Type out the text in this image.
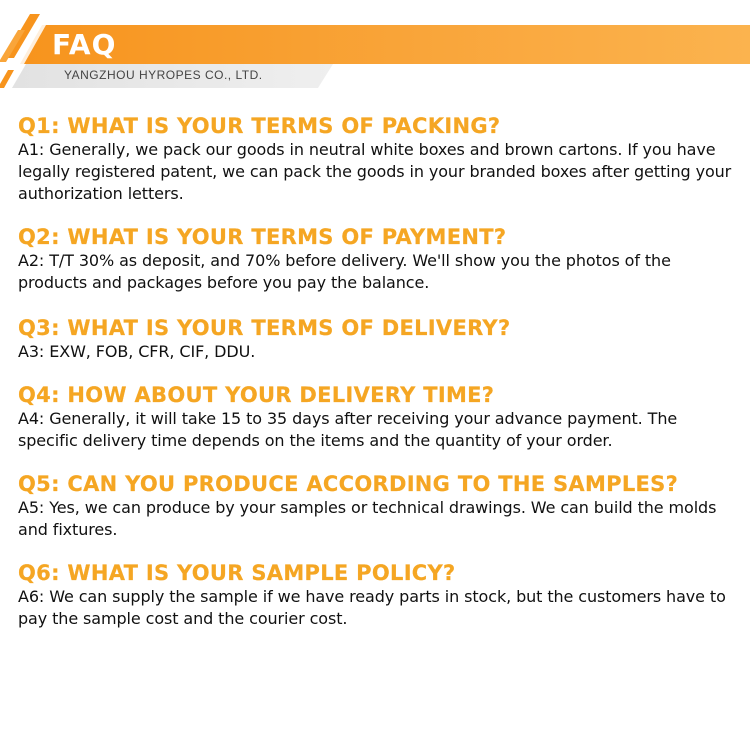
FAQ
YANGZHOU HYROPES CO., LTD.
Q1: WHAT IS YOUR TERMS OF PACKING?
A1: Generally, we pack our goods in neutral white boxes and brown cartons. If you have legally registered patent, we can pack the goods in your branded boxes after getting your authorization letters.
Q2: WHAT IS YOUR TERMS OF PAYMENT?
A2: T/T 30% as deposit, and 70% before delivery. We'll show you the photos of the products and packages before you pay the balance.
Q3: WHAT IS YOUR TERMS OF DELIVERY?
A3: EXW, FOB, CFR, CIF, DDU.
Q4: HOW ABOUT YOUR DELIVERY TIME?
A4: Generally, it will take 15 to 35 days after receiving your advance payment. The specific delivery time depends on the items and the quantity of your order.
Q5: CAN YOU PRODUCE ACCORDING TO THE SAMPLES?
A5: Yes, we can produce by your samples or technical drawings. We can build the molds and fixtures.
Q6: WHAT IS YOUR SAMPLE POLICY?
A6: We can supply the sample if we have ready parts in stock, but the customers have to pay the sample cost and the courier cost.
